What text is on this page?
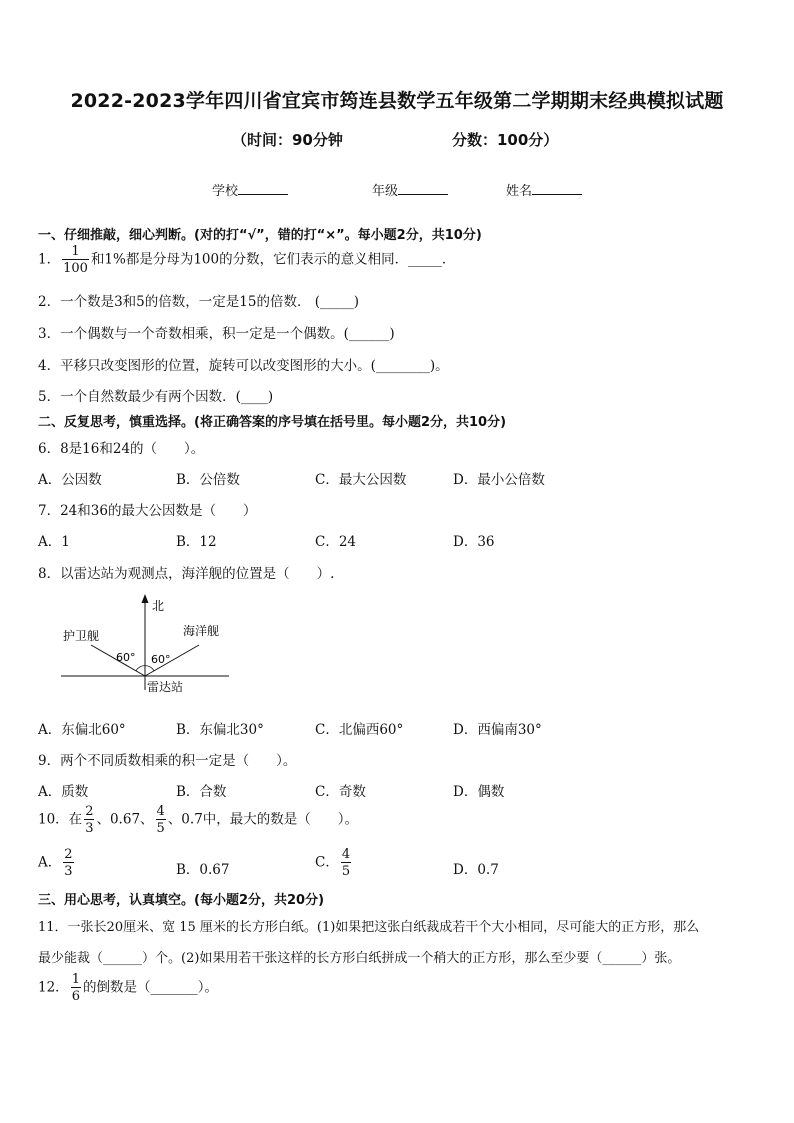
2022-2023学年四川省宜宾市筠连县数学五年级第二学期期末经典模拟试题
（时间：90分钟	分数：100分）
学校	年级	姓名
一、仔细推敲，细心判断。(对的打“√”，错的打“×”。每小题2分，共10分)
1． $\frac{1}{100}$ 和1%都是分母为100的分数，它们表示的意义相同．_____．
2．一个数是3和5的倍数，一定是15的倍数． (_____)
3．一个偶数与一个奇数相乘，积一定是一个偶数。(______)
4．平移只改变图形的位置，旋转可以改变图形的大小。(________)。
5．一个自然数最少有两个因数．(____)
二、反复思考，慎重选择。(将正确答案的序号填在括号里。每小题2分，共10分)
6．8是16和24的（　　）。
A．公因数	B．公倍数	C．最大公因数	D．最小公倍数
7．24和36的最大公因数是（　　）
A．1	B．12	C．24	D．36
8．以雷达站为观测点，海洋舰的位置是（　　）.
北
护卫舰	海洋舰
60° 60°
雷达站
A．东偏北60°	B．东偏北30°	C．北偏西60°	D．西偏南30°
9．两个不同质数相乘的积一定是（　　）。
A．质数	B．合数	C．奇数	D．偶数
10．在 $\frac{2}{3}$ 、0.67、 $\frac{4}{5}$ 、0.7中，最大的数是（　　）。
A． $\frac{2}{3}$	B．0.67	C． $\frac{4}{5}$	D．0.7
三、用心思考，认真填空。(每小题2分，共20分)
11．一张长20厘米、宽 15 厘米的长方形白纸。(1)如果把这张白纸裁成若干个大小相同，尽可能大的正方形，那么
最少能裁（______）个。(2)如果用若干张这样的长方形白纸拼成一个稍大的正方形，那么至少要（______）张。
12． $\frac{1}{6}$ 的倒数是（_______）。
